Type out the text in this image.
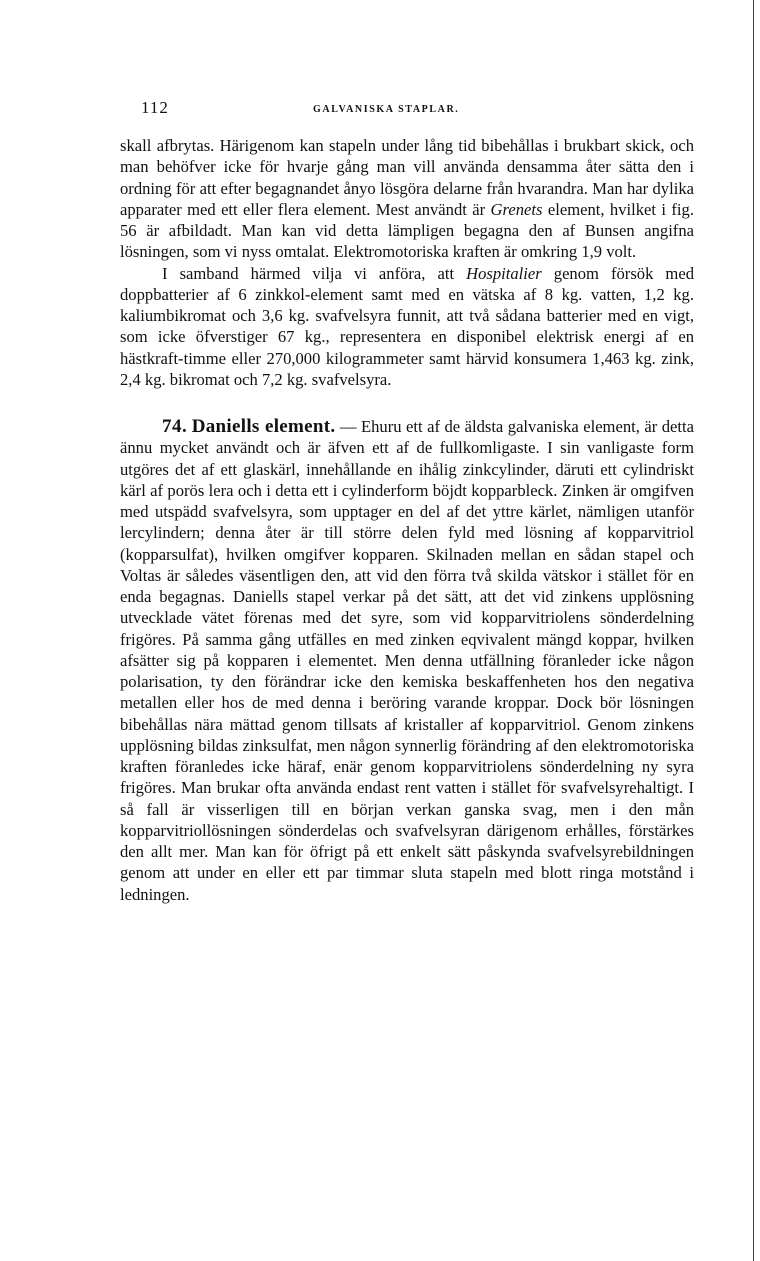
112	GALVANISKA STAPLAR.

skall afbrytas. Härigenom kan stapeln under lång tid bibehållas i brukbart skick, och man behöfver icke för hvarje gång man vill använda densamma åter sätta den i ordning för att efter begagnandet ånyo lösgöra delarne från hvarandra. Man har dylika apparater med ett eller flera element. Mest användt är Grenets element, hvilket i fig. 56 är afbildadt. Man kan vid detta lämpligen begagna den af Bunsen angifna lösningen, som vi nyss omtalat. Elektromotoriska kraften är omkring 1,9 volt.

I samband härmed vilja vi anföra, att Hospitalier genom försök med doppbatterier af 6 zinkkol-element samt med en vätska af 8 kg. vatten, 1,2 kg. kaliumbikromat och 3,6 kg. svafvelsyra funnit, att två sådana batterier med en vigt, som icke öfverstiger 67 kg., representera en disponibel elektrisk energi af en hästkraft-timme eller 270,000 kilogrammeter samt härvid konsumera 1,463 kg. zink, 2,4 kg. bikromat och 7,2 kg. svafvelsyra.

74. Daniells element. — Ehuru ett af de äldsta galvaniska element, är detta ännu mycket användt och är äfven ett af de fullkomligaste. I sin vanligaste form utgöres det af ett glaskärl, innehållande en ihålig zinkcylinder, däruti ett cylindriskt kärl af porös lera och i detta ett i cylinderform böjdt kopparbleck. Zinken är omgifven med utspädd svafvelsyra, som upptager en del af det yttre kärlet, nämligen utanför lercylindern; denna åter är till större delen fyld med lösning af kopparvitriol (kopparsulfat), hvilken omgifver kopparen. Skilnaden mellan en sådan stapel och Voltas är således väsentligen den, att vid den förra två skilda vätskor i stället för en enda begagnas. Daniells stapel verkar på det sätt, att det vid zinkens upplösning utvecklade vätet förenas med det syre, som vid kopparvitriolens sönderdelning frigöres. På samma gång utfälles en med zinken eqvivalent mängd koppar, hvilken afsätter sig på kopparen i elementet. Men denna utfällning föranleder icke någon polarisation, ty den förändrar icke den kemiska beskaffenheten hos den negativa metallen eller hos de med denna i beröring varande kroppar. Dock bör lösningen bibehållas nära mättad genom tillsats af kristaller af kopparvitriol. Genom zinkens upplösning bildas zinksulfat, men någon synnerlig förändring af den elektromotoriska kraften föranledes icke häraf, enär genom kopparvitriolens sönderdelning ny syra frigöres. Man brukar ofta använda endast rent vatten i stället för svafvelsyrehaltigt. I så fall är visserligen till en början verkan ganska svag, men i den mån kopparvitriollösningen sönderdelas och svafvelsyran därigenom erhålles, förstärkes den allt mer. Man kan för öfrigt på ett enkelt sätt påskynda svafvelsyrebildningen genom att under en eller ett par timmar sluta stapeln med blott ringa motstånd i ledningen.
